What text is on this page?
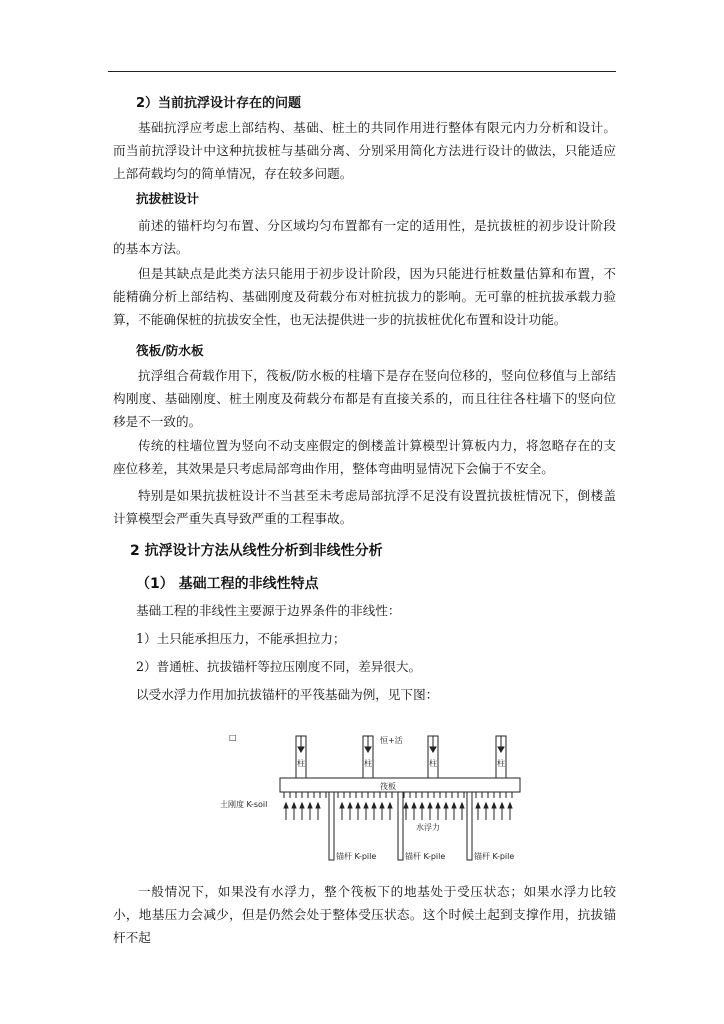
2）当前抗浮设计存在的问题

基础抗浮应考虑上部结构、基础、桩土的共同作用进行整体有限元内力分析和设计。而当前抗浮设计中这种抗拔桩与基础分离、分别采用简化方法进行设计的做法，只能适应上部荷载均匀的简单情况，存在较多问题。

抗拔桩设计

前述的锚杆均匀布置、分区域均匀布置都有一定的适用性，是抗拔桩的初步设计阶段的基本方法。

但是其缺点是此类方法只能用于初步设计阶段，因为只能进行桩数量估算和布置，不能精确分析上部结构、基础刚度及荷载分布对桩抗拔力的影响。无可靠的桩抗拔承载力验算，不能确保桩的抗拔安全性，也无法提供进一步的抗拔桩优化布置和设计功能。

筏板/防水板

抗浮组合荷载作用下，筏板/防水板的柱墙下是存在竖向位移的，竖向位移值与上部结构刚度、基础刚度、桩土刚度及荷载分布都是有直接关系的，而且往往各柱墙下的竖向位移是不一致的。

传统的柱墙位置为竖向不动支座假定的倒楼盖计算模型计算板内力，将忽略存在的支座位移差，其效果是只考虑局部弯曲作用，整体弯曲明显情况下会偏于不安全。

特别是如果抗拔桩设计不当甚至未考虑局部抗浮不足没有设置抗拔桩情况下，倒楼盖计算模型会严重失真导致严重的工程事故。

2 抗浮设计方法从线性分析到非线性分析
（1） 基础工程的非线性特点

基础工程的非线性主要源于边界条件的非线性：

1）土只能承担压力，不能承担拉力；

2）普通桩、抗拔锚杆等拉压刚度不同，差异很大。

以受水浮力作用加抗拔锚杆的平筏基础为例，见下图：

□	恒+活
柱	柱	柱	柱
筏板
土刚度 K-soil
水浮力
锚杆 K-pile	锚杆 K-pile	锚杆 K-pile

一般情况下，如果没有水浮力，整个筏板下的地基处于受压状态；如果水浮力比较小，地基压力会减少，但是仍然会处于整体受压状态。这个时候土起到支撑作用，抗拔锚杆不起
